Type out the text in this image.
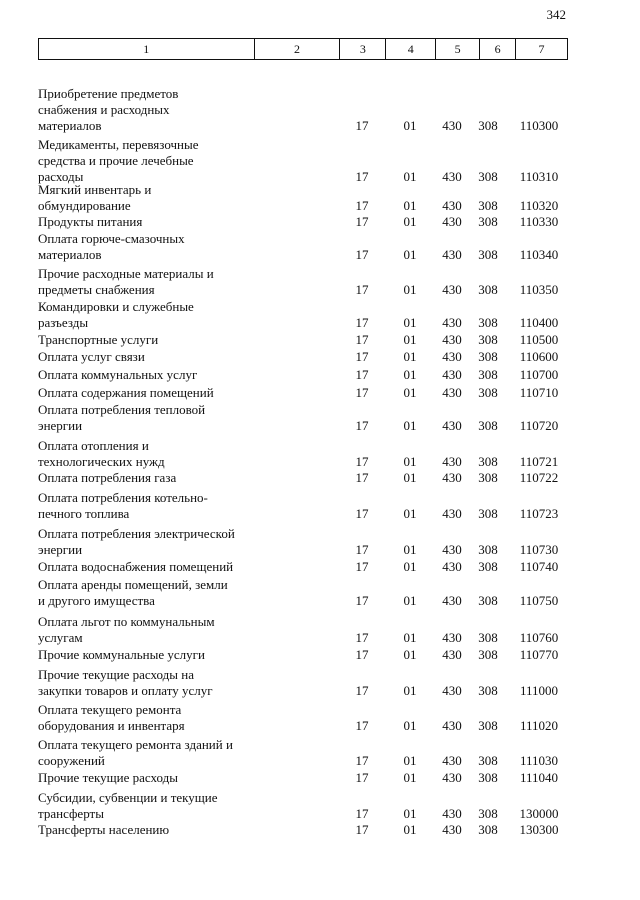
342
1	2	3	4	5	6	7
Приобретение предметов
снабжения и расходных
материалов	17	01	430	308	110300
Медикаменты, перевязочные
средства и прочие лечебные
расходы	17	01	430	308	110310
Мягкий инвентарь и
обмундирование	17	01	430	308	110320
Продукты питания	17	01	430	308	110330
Оплата горюче-смазочных
материалов	17	01	430	308	110340
Прочие расходные материалы и
предметы снабжения	17	01	430	308	110350
Командировки и служебные
разъезды	17	01	430	308	110400
Транспортные услуги	17	01	430	308	110500
Оплата услуг связи	17	01	430	308	110600
Оплата коммунальных услуг	17	01	430	308	110700
Оплата содержания помещений	17	01	430	308	110710
Оплата потребления тепловой
энергии	17	01	430	308	110720
Оплата отопления и
технологических нужд	17	01	430	308	110721
Оплата потребления газа	17	01	430	308	110722
Оплата потребления котельно-
печного топлива	17	01	430	308	110723
Оплата потребления электрической
энергии	17	01	430	308	110730
Оплата водоснабжения помещений	17	01	430	308	110740
Оплата аренды помещений, земли
и другого имущества	17	01	430	308	110750
Оплата льгот по коммунальным
услугам	17	01	430	308	110760
Прочие коммунальные услуги	17	01	430	308	110770
Прочие текущие расходы на
закупки товаров и оплату услуг	17	01	430	308	111000
Оплата текущего ремонта
оборудования и инвентаря	17	01	430	308	111020
Оплата текущего ремонта зданий и
сооружений	17	01	430	308	111030
Прочие текущие расходы	17	01	430	308	111040
Субсидии, субвенции и текущие
трансферты	17	01	430	308	130000
Трансферты населению	17	01	430	308	130300
